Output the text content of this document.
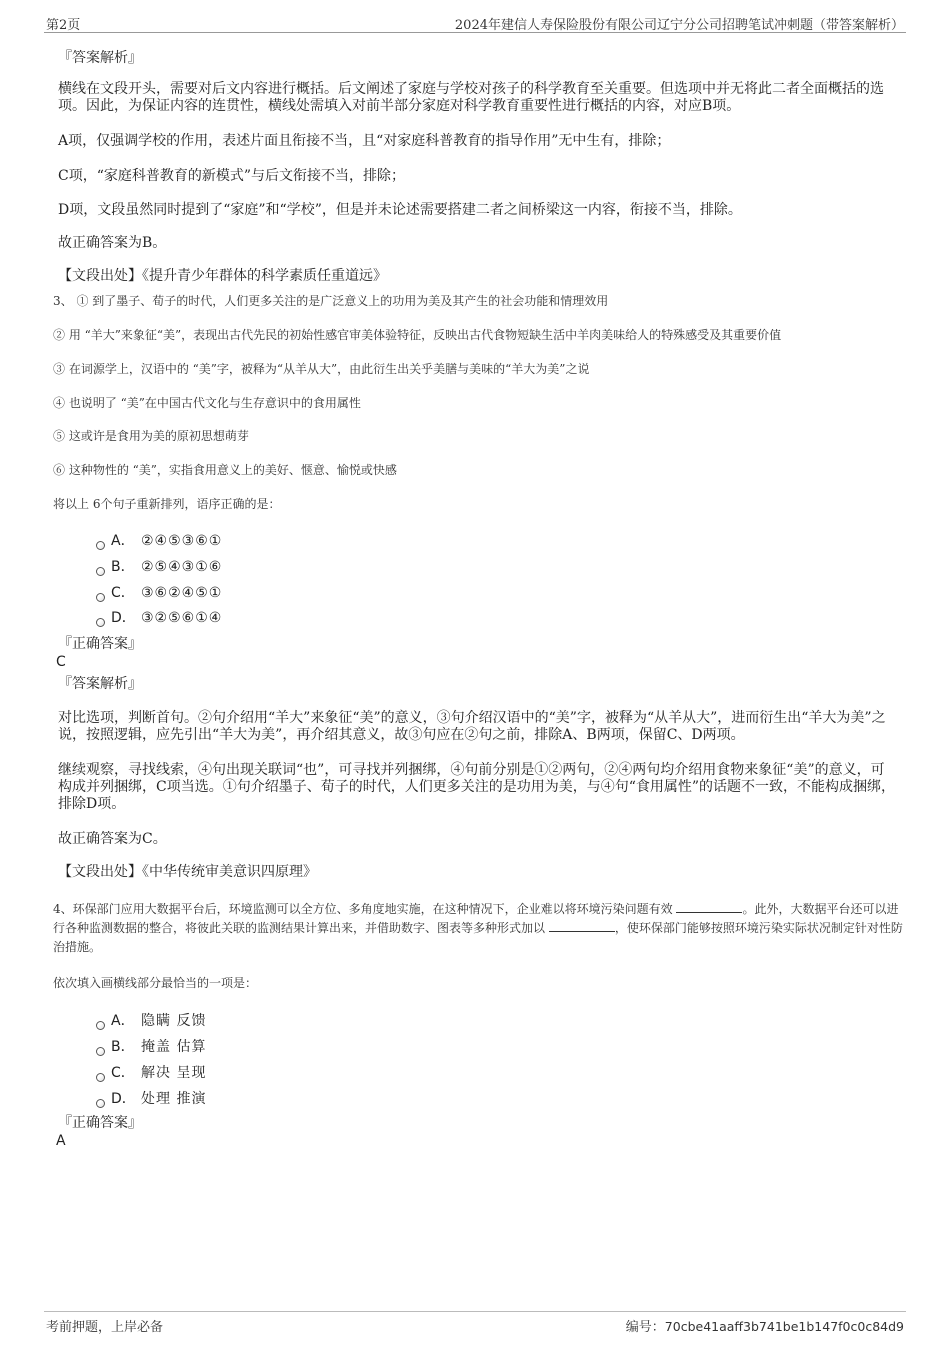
第2页	2024年建信人寿保险股份有限公司辽宁分公司招聘笔试冲刺题（带答案解析）
『答案解析』
横线在文段开头，需要对后文内容进行概括。后文阐述了家庭与学校对孩子的科学教育至关重要。但选项中并无将此二者全面概括的选项。因此，为保证内容的连贯性，横线处需填入对前半部分家庭对科学教育重要性进行概括的内容，对应B项。
A项，仅强调学校的作用，表述片面且衔接不当，且“对家庭科普教育的指导作用”无中生有，排除；
C项，“家庭科普教育的新模式”与后文衔接不当，排除；
D项，文段虽然同时提到了“家庭”和“学校”，但是并未论述需要搭建二者之间桥梁这一内容，衔接不当，排除。
故正确答案为B。
【文段出处】《提升青少年群体的科学素质任重道远》
3、 ① 到了墨子、荀子的时代，人们更多关注的是广泛意义上的功用为美及其产生的社会功能和情理效用
② 用 “羊大”来象征“美”，表现出古代先民的初始性感官审美体验特征，反映出古代食物短缺生活中羊肉美味给人的特殊感受及其重要价值
③ 在词源学上，汉语中的 “美”字，被释为“从羊从大”，由此衍生出关乎美膳与美味的“羊大为美”之说
④ 也说明了 “美”在中国古代文化与生存意识中的食用属性
⑤ 这或许是食用为美的原初思想萌芽
⑥ 这种物性的 “美”，实指食用意义上的美好、惬意、愉悦或快感
将以上 6个句子重新排列，语序正确的是：
A． ②④⑤③⑥①
B． ②⑤④③①⑥
C． ③⑥②④⑤①
D． ③②⑤⑥①④
『正确答案』
C
『答案解析』
对比选项，判断首句。②句介绍用“羊大”来象征“美”的意义，③句介绍汉语中的“美”字，被释为“从羊从大”，进而衍生出“羊大为美”之说，按照逻辑，应先引出“羊大为美”，再介绍其意义，故③句应在②句之前，排除A、B两项，保留C、D两项。
继续观察，寻找线索，④句出现关联词“也”，可寻找并列捆绑，④句前分别是①②两句，②④两句均介绍用食物来象征“美”的意义，可构成并列捆绑，C项当选。①句介绍墨子、荀子的时代，人们更多关注的是功用为美，与④句“食用属性”的话题不一致，不能构成捆绑，排除D项。
故正确答案为C。
【文段出处】《中华传统审美意识四原理》
4、环保部门应用大数据平台后，环境监测可以全方位、多角度地实施，在这种情况下，企业难以将环境污染问题有效	。此外，大数据平台还可以进行各种监测数据的整合，将彼此关联的监测结果计算出来，并借助数字、图表等多种形式加以	，使环保部门能够按照环境污染实际状况制定针对性防治措施。
依次填入画横线部分最恰当的一项是：
A． 隐瞒 反馈
B． 掩盖 估算
C． 解决 呈现
D． 处理 推演
『正确答案』
A
考前押题，上岸必备	编号：70cbe41aaff3b741be1b147f0c0c84d9
